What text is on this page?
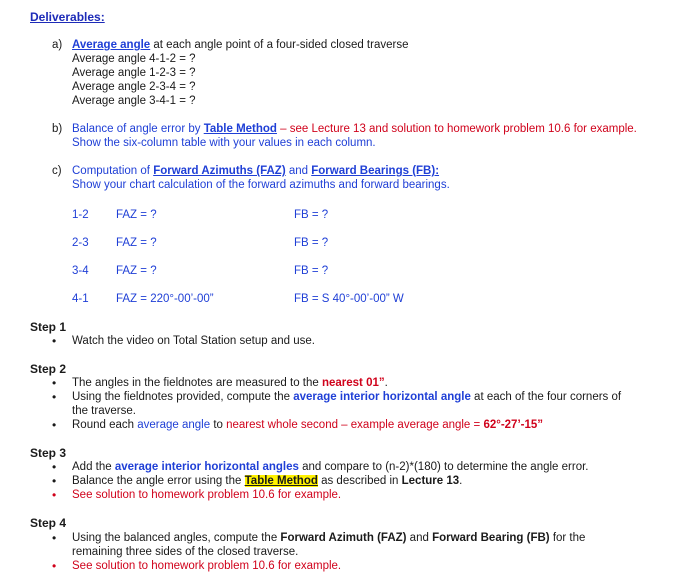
Deliverables:
a) Average angle at each angle point of a four-sided closed traverse
Average angle 4-1-2 = ?
Average angle 1-2-3 = ?
Average angle 2-3-4 = ?
Average angle 3-4-1 = ?
b) Balance of angle error by Table Method – see Lecture 13 and solution to homework problem 10.6 for example.
Show the six-column table with your values in each column.
c) Computation of Forward Azimuths (FAZ) and Forward Bearings (FB):
Show your chart calculation of the forward azimuths and forward bearings.
1-2 FAZ = ?	FB = ?
2-3 FAZ = ?	FB = ?
3-4 FAZ = ?	FB = ?
4-1 FAZ = 220°-00’-00”	FB = S 40°-00’-00” W
Step 1
• Watch the video on Total Station setup and use.
Step 2
• The angles in the fieldnotes are measured to the nearest 01”.
• Using the fieldnotes provided, compute the average interior horizontal angle at each of the four corners of
the traverse.
• Round each average angle to nearest whole second – example average angle = 62°-27’-15”
Step 3
• Add the average interior horizontal angles and compare to (n-2)*(180) to determine the angle error.
• Balance the angle error using the Table Method as described in Lecture 13.
• See solution to homework problem 10.6 for example.
Step 4
• Using the balanced angles, compute the Forward Azimuth (FAZ) and Forward Bearing (FB) for the
remaining three sides of the closed traverse.
• See solution to homework problem 10.6 for example.
